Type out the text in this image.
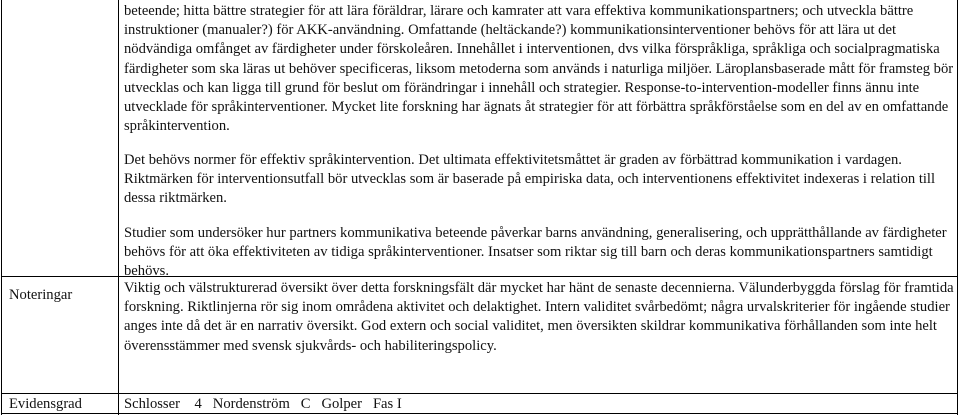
beteende; hitta bättre strategier för att lära föräldrar, lärare och kamrater att vara effektiva kommunikationspartners; och utveckla bättre instruktioner (manualer?) för AKK-användning. Omfattande (heltäckande?) kommunikationsinterventioner behövs för att lära ut det nödvändiga omfånget av färdigheter under förskoleåren. Innehållet i interventionen, dvs vilka förspråkliga, språkliga och socialpragmatiska färdigheter som ska läras ut behöver specificeras, liksom metoderna som används i naturliga miljöer. Läroplansbaserade mått för framsteg bör utvecklas och kan ligga till grund för beslut om förändringar i innehåll och strategier. Response-to-intervention-modeller finns ännu inte utvecklade för språkinterventioner. Mycket lite forskning har ägnats åt strategier för att förbättra språkförståelse som en del av en omfattande språkintervention.

Det behövs normer för effektiv språkintervention. Det ultimata effektivitetsmåttet är graden av förbättrad kommunikation i vardagen. Riktmärken för interventionsutfall bör utvecklas som är baserade på empiriska data, och interventionens effektivitet indexeras i relation till dessa riktmärken.

Studier som undersöker hur partners kommunikativa beteende påverkar barns användning, generalisering, och upprätthållande av färdigheter behövs för att öka effektiviteten av tidiga språkinterventioner. Insatser som riktar sig till barn och deras kommunikationspartners samtidigt behövs.

Noteringar	Viktig och välstrukturerad översikt över detta forskningsfält där mycket har hänt de senaste decennierna. Välunderbyggda förslag för framtida forskning. Riktlinjerna rör sig inom områdena aktivitet och delaktighet. Intern validitet svårbedömt; några urvalskriterier för ingående studier anges inte då det är en narrativ översikt. God extern och social validitet, men översikten skildrar kommunikativa förhållanden som inte helt överensstämmer med svensk sjukvårds- och habiliteringspolicy.

Evidensgrad	Schlosser 4 Nordenström C Golper Fas I
